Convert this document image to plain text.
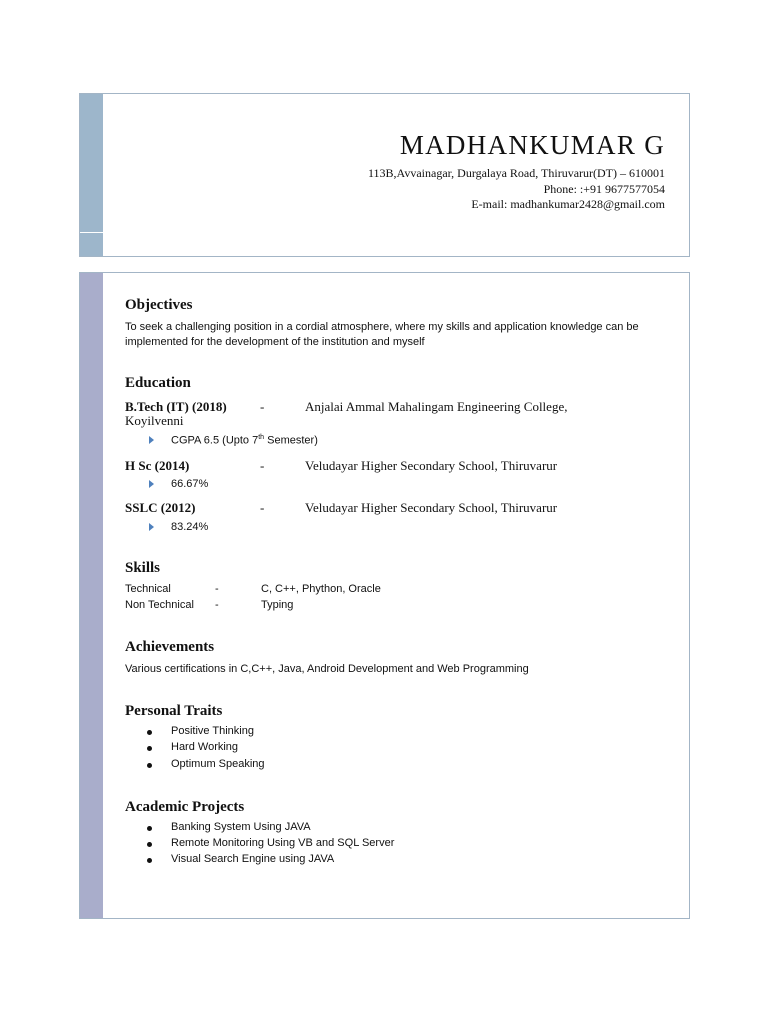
MADHANKUMAR G
113B,Avvainagar, Durgalaya Road, Thiruvarur(DT) – 610001
Phone: :+91 9677577054
E-mail: madhankumar2428@gmail.com
Objectives

To seek a challenging position in a cordial atmosphere, where my skills and application knowledge can be

implemented for the development of the institution and myself

Education
B.Tech (IT) (2018)	-	Anjalai Ammal Mahalingam Engineering College,
Koyilvenni
CGPA 6.5 (Upto 7th Semester)
H Sc (2014)	-	Veludayar Higher Secondary School, Thiruvarur
66.67%
SSLC (2012)	-	Veludayar Higher Secondary School, Thiruvarur
83.24%
Skills
Technical	-	C, C++, Phython, Oracle
Non Technical -	Typing
Achievements

Various certifications in C,C++, Java, Android Development and Web Programming

Personal Traits
Positive Thinking
Hard Working
Optimum Speaking
Academic Projects
Banking System Using JAVA
Remote Monitoring Using VB and SQL Server
Visual Search Engine using JAVA
